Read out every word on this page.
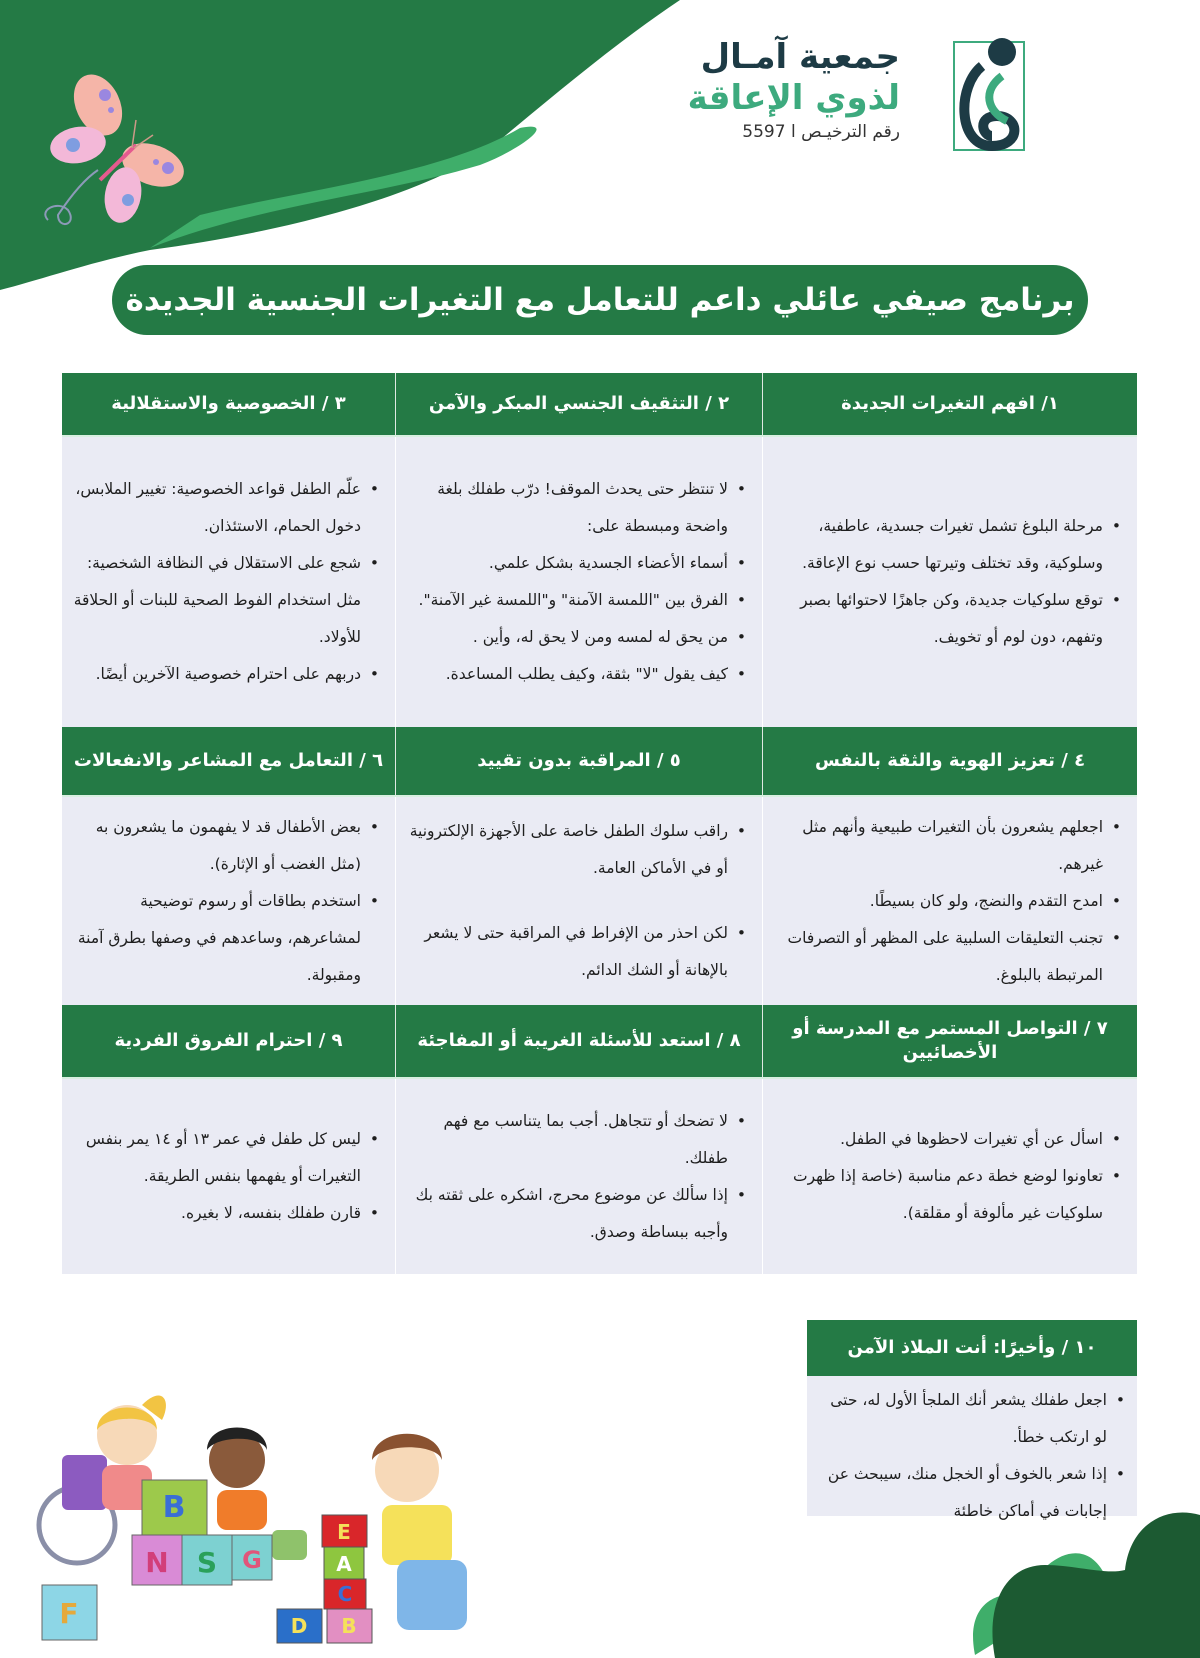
جمعية آمـال
لذوي الإعاقة
رقم الترخيـص ا 5597
برنامج صيفي عائلي داعم للتعامل مع التغيرات الجنسية الجديدة
١/ افهم التغيرات الجديدة
٢ / التثقيف الجنسي المبكر والآمن
٣ / الخصوصية والاستقلالية
• مرحلة البلوغ تشمل تغيرات جسدية، عاطفية، وسلوكية، وقد تختلف وتيرتها حسب نوع الإعاقة.
• توقع سلوكيات جديدة، وكن جاهزًا لاحتوائها بصبر وتفهم، دون لوم أو تخويف.
• لا تنتظر حتى يحدث الموقف! درّب طفلك بلغة واضحة ومبسطة على:
• أسماء الأعضاء الجسدية بشكل علمي.
• الفرق بين "اللمسة الآمنة" و"اللمسة غير الآمنة".
• من يحق له لمسه ومن لا يحق له، وأين .
• كيف يقول "لا" بثقة، وكيف يطلب المساعدة.
• علّم الطفل قواعد الخصوصية: تغيير الملابس، دخول الحمام، الاستئذان.
• شجع على الاستقلال في النظافة الشخصية: مثل استخدام الفوط الصحية للبنات أو الحلاقة للأولاد.
• دربهم على احترام خصوصية الآخرين أيضًا.
٤ / تعزيز الهوية والثقة بالنفس
٥ / المراقبة بدون تقييد
٦ / التعامل مع المشاعر والانفعالات
• اجعلهم يشعرون بأن التغيرات طبيعية وأنهم مثل غيرهم.
• امدح التقدم والنضج، ولو كان بسيطًا.
• تجنب التعليقات السلبية على المظهر أو التصرفات المرتبطة بالبلوغ.
• راقب سلوك الطفل خاصة على الأجهزة الإلكترونية أو في الأماكن العامة.
• لكن احذر من الإفراط في المراقبة حتى لا يشعر بالإهانة أو الشك الدائم.
• بعض الأطفال قد لا يفهمون ما يشعرون به (مثل الغضب أو الإثارة).
• استخدم بطاقات أو رسوم توضيحية لمشاعرهم، وساعدهم في وصفها بطرق آمنة ومقبولة.
٧ / التواصل المستمر مع المدرسة أو الأخصائيين
٨ / استعد للأسئلة الغريبة أو المفاجئة
٩ / احترام الفروق الفردية
• اسأل عن أي تغيرات لاحظوها في الطفل.
• تعاونوا لوضع خطة دعم مناسبة (خاصة إذا ظهرت سلوكيات غير مألوفة أو مقلقة).
• لا تضحك أو تتجاهل. أجب بما يتناسب مع فهم طفلك.
• إذا سألك عن موضوع محرج، اشكره على ثقته بك وأجبه ببساطة وصدق.
• ليس كل طفل في عمر ١٣ أو ١٤ يمر بنفس التغيرات أو يفهمها بنفس الطريقة.
• قارن طفلك بنفسه، لا بغيره.
١٠ / وأخيرًا: أنت الملاذ الآمن
• اجعل طفلك يشعر أنك الملجأ الأول له، حتى لو ارتكب خطأ.
• إذا شعر بالخوف أو الخجل منك، سيبحث عن إجابات في أماكن خاطئة
B
N S G
F
E
A
C
D B
